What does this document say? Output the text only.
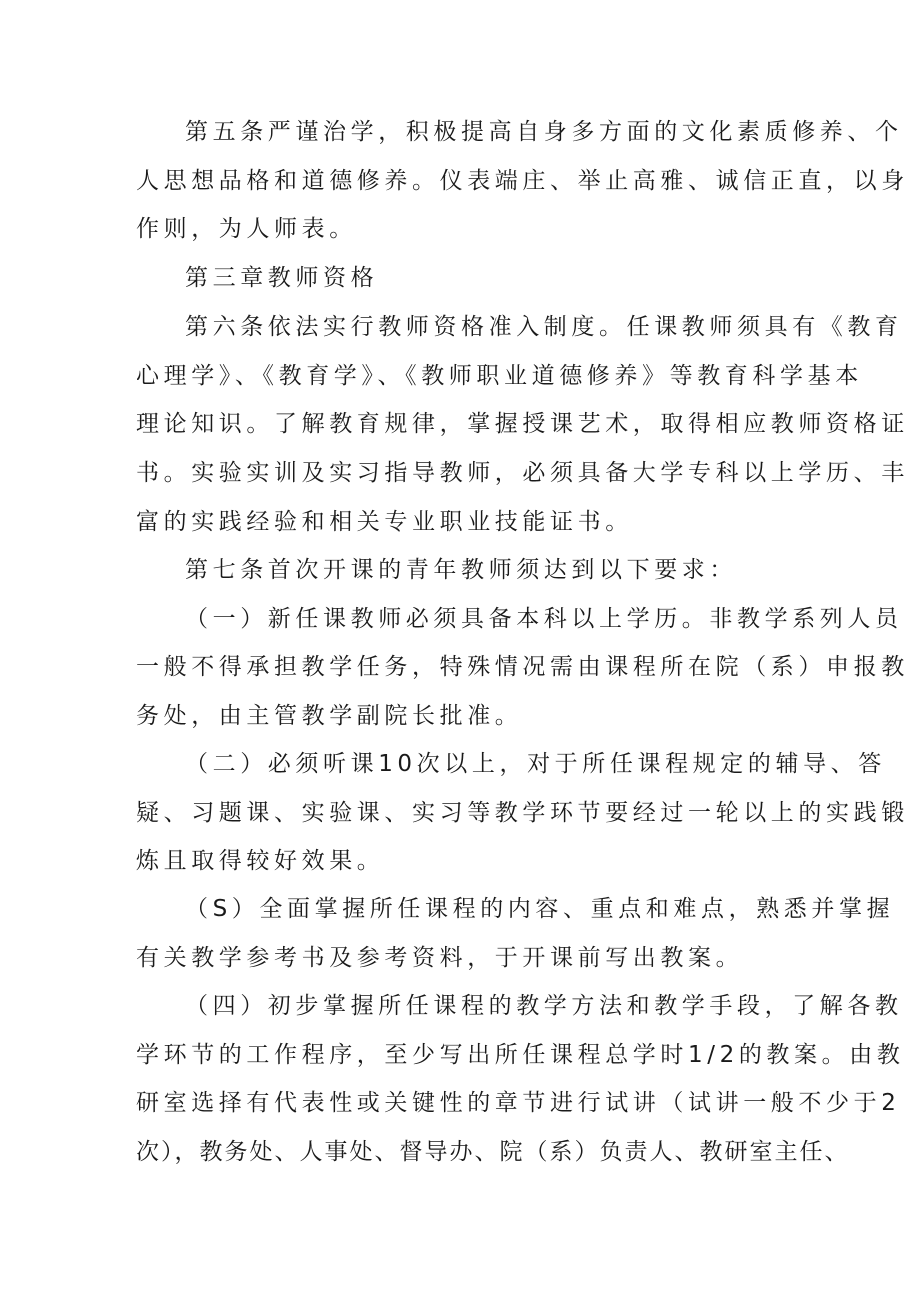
第五条严谨治学，积极提高自身多方面的文化素质修养、个
人思想品格和道德修养。仪表端庄、举止高雅、诚信正直，以身
作则，为人师表。
第三章教师资格
第六条依法实行教师资格准入制度。任课教师须具有《教育
心理学》、《教育学》、《教师职业道德修养》等教育科学基本
理论知识。了解教育规律，掌握授课艺术，取得相应教师资格证
书。实验实训及实习指导教师，必须具备大学专科以上学历、丰
富的实践经验和相关专业职业技能证书。
第七条首次开课的青年教师须达到以下要求：
（一）新任课教师必须具备本科以上学历。非教学系列人员
一般不得承担教学任务，特殊情况需由课程所在院（系）申报教
务处，由主管教学副院长批准。
（二）必须听课10次以上，对于所任课程规定的辅导、答
疑、习题课、实验课、实习等教学环节要经过一轮以上的实践锻
炼且取得较好效果。
（S）全面掌握所任课程的内容、重点和难点，熟悉并掌握
有关教学参考书及参考资料，于开课前写出教案。
（四）初步掌握所任课程的教学方法和教学手段，了解各教
学环节的工作程序，至少写出所任课程总学时1/2的教案。由教
研室选择有代表性或关键性的章节进行试讲（试讲一般不少于2
次），教务处、人事处、督导办、院（系）负责人、教研室主任、
